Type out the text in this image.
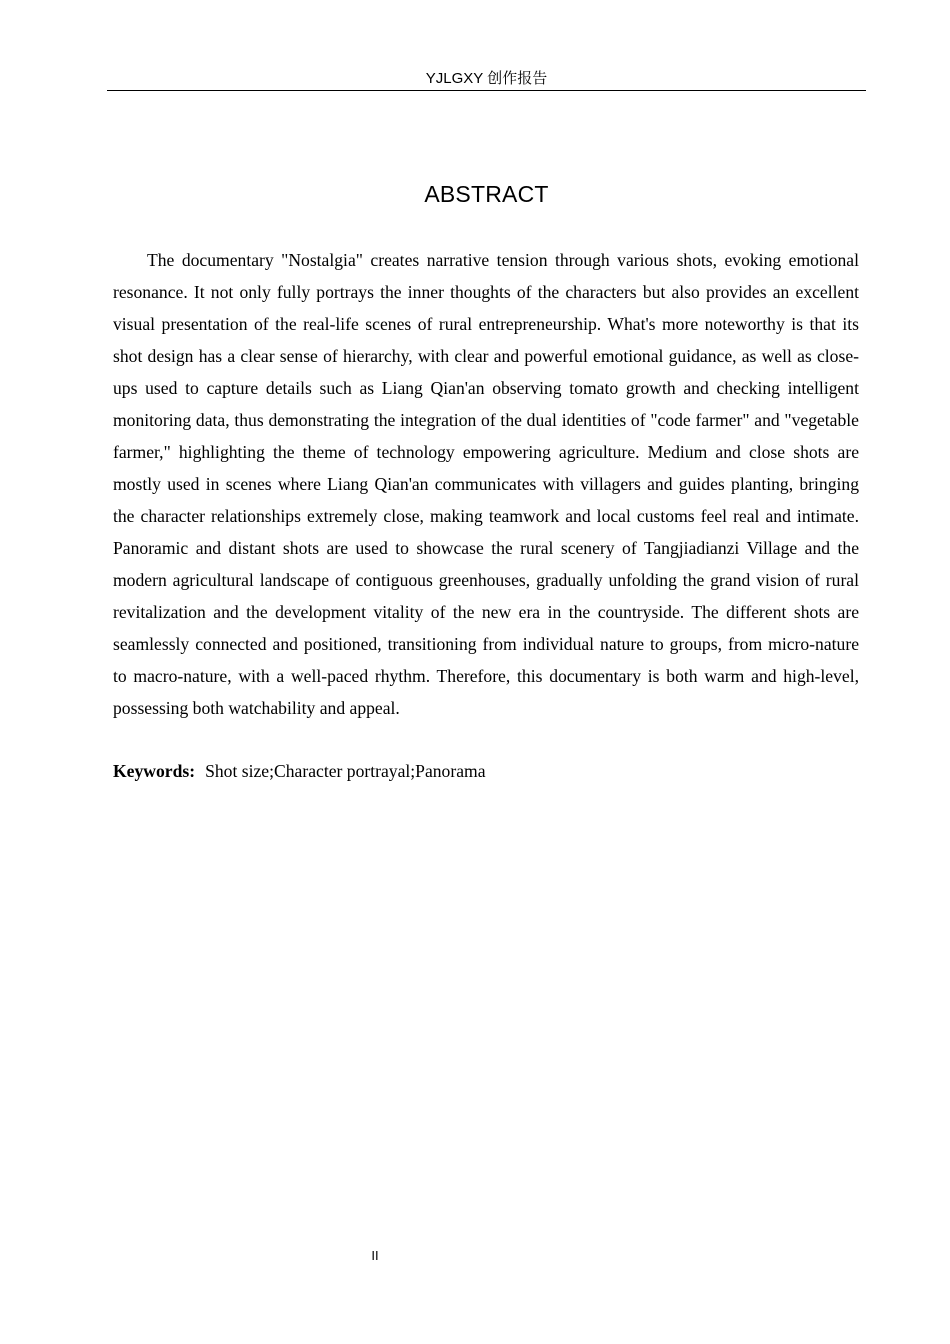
YJLGXY 创作报告
ABSTRACT

The documentary "Nostalgia" creates narrative tension through various shots, evoking emotional resonance. It not only fully portrays the inner thoughts of the characters but also provides an excellent visual presentation of the real-life scenes of rural entrepreneurship. What's more noteworthy is that its shot design has a clear sense of hierarchy, with clear and powerful emotional guidance, as well as close-ups used to capture details such as Liang Qian'an observing tomato growth and checking intelligent monitoring data, thus demonstrating the integration of the dual identities of "code farmer" and "vegetable farmer," highlighting the theme of technology empowering agriculture. Medium and close shots are mostly used in scenes where Liang Qian'an communicates with villagers and guides planting, bringing the character relationships extremely close, making teamwork and local customs feel real and intimate. Panoramic and distant shots are used to showcase the rural scenery of Tangjiadianzi Village and the modern agricultural landscape of contiguous greenhouses, gradually unfolding the grand vision of rural revitalization and the development vitality of the new era in the countryside. The different shots are seamlessly connected and positioned, transitioning from individual nature to groups, from micro-nature to macro-nature, with a well-paced rhythm. Therefore, this documentary is both warm and high-level, possessing both watchability and appeal.

Keywords: Shot size;Character portrayal;Panorama

II
